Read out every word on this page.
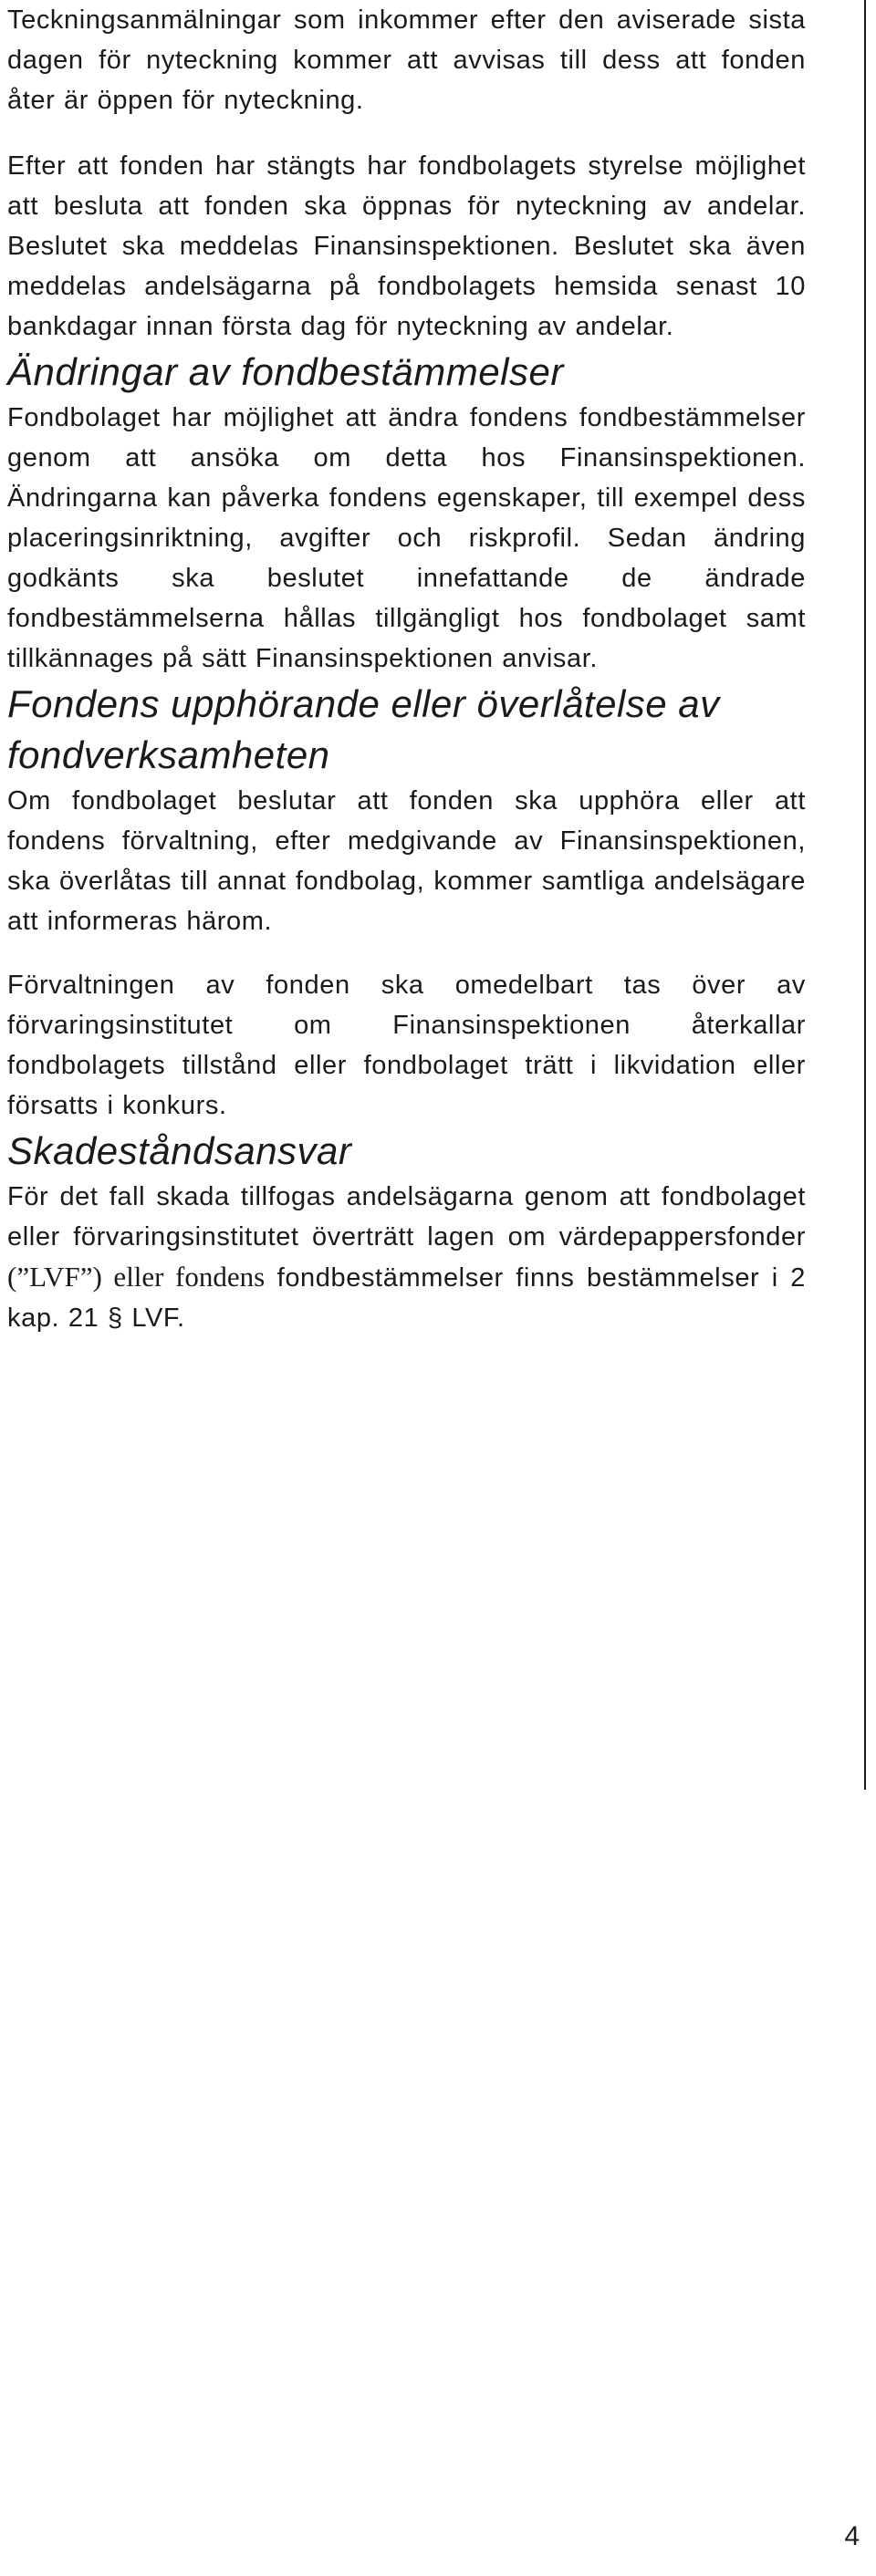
Teckningsanmälningar som inkommer efter den aviserade sista dagen för nyteckning kommer att avvisas till dess att fonden åter är öppen för nyteckning.

Efter att fonden har stängts har fondbolagets styrelse möjlighet att besluta att fonden ska öppnas för nyteckning av andelar. Beslutet ska meddelas Finansinspektionen. Beslutet ska även meddelas andelsägarna på fondbolagets hemsida senast 10 bankdagar innan första dag för nyteckning av andelar.

Ändringar av fondbestämmelser

Fondbolaget har möjlighet att ändra fondens fondbestämmelser genom att ansöka om detta hos Finansinspektionen. Ändringarna kan påverka fondens egenskaper, till exempel dess placeringsinriktning, avgifter och riskprofil. Sedan ändring godkänts ska beslutet innefattande de ändrade fondbestämmelserna hållas tillgängligt hos fondbolaget samt tillkännages på sätt Finansinspektionen anvisar.

Fondens upphörande eller överlåtelse av fondverksamheten

Om fondbolaget beslutar att fonden ska upphöra eller att fondens förvaltning, efter medgivande av Finansinspektionen, ska överlåtas till annat fondbolag, kommer samtliga andelsägare att informeras härom.

Förvaltningen av fonden ska omedelbart tas över av förvaringsinstitutet om Finansinspektionen återkallar fondbolagets tillstånd eller fondbolaget trätt i likvidation eller försatts i konkurs.

Skadeståndsansvar

För det fall skada tillfogas andelsägarna genom att fondbolaget eller förvaringsinstitutet överträtt lagen om värdepappersfonder (”LVF”) eller fondens fondbestämmelser finns bestämmelser i 2 kap. 21 § LVF.

4
